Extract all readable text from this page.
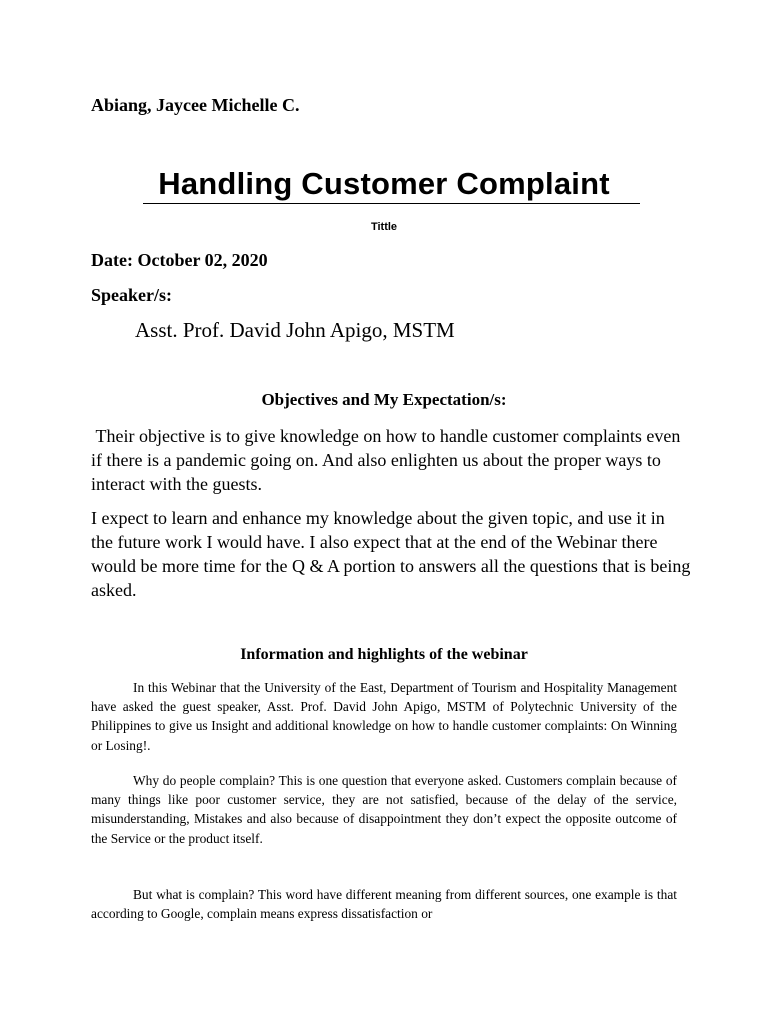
Abiang, Jaycee Michelle C.
Handling Customer Complaint
Tittle
Date: October 02, 2020
Speaker/s:
Asst. Prof. David John Apigo, MSTM
Objectives and My Expectation/s:
Their objective is to give knowledge on how to handle customer complaints even if there is a pandemic going on. And also enlighten us about the proper ways to interact with the guests.
I expect to learn and enhance my knowledge about the given topic, and use it in the future work I would have. I also expect that at the end of the Webinar there would be more time for the Q & A portion to answers all the questions that is being asked.
Information and highlights of the webinar
In this Webinar that the University of the East, Department of Tourism and Hospitality Management have asked the guest speaker, Asst. Prof. David John Apigo, MSTM of Polytechnic University of the Philippines to give us Insight and additional knowledge on how to handle customer complaints: On Winning or Losing!.
Why do people complain? This is one question that everyone asked. Customers complain because of many things like poor customer service, they are not satisfied, because of the delay of the service, misunderstanding, Mistakes and also because of disappointment they don’t expect the opposite outcome of the Service or the product itself.
But what is complain? This word have different meaning from different sources, one example is that according to Google, complain means express dissatisfaction or
